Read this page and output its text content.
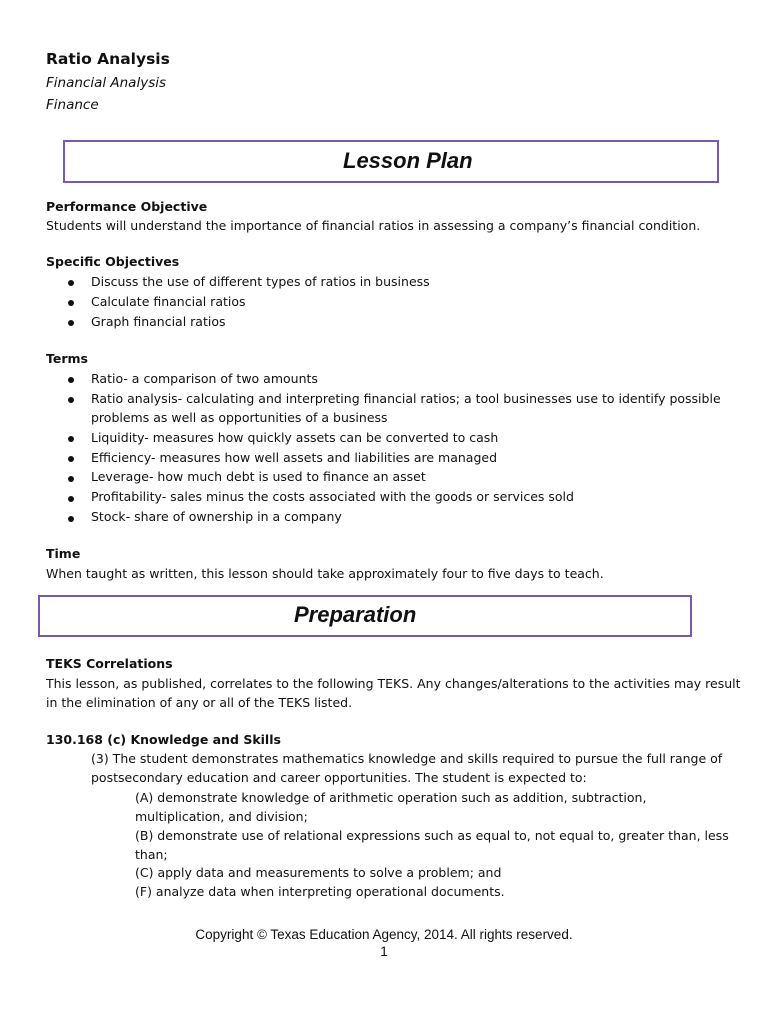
Ratio Analysis
Financial Analysis
Finance
Lesson Plan
Performance Objective
Students will understand the importance of financial ratios in assessing a company’s financial condition.
Specific Objectives
Discuss the use of different types of ratios in business
Calculate financial ratios
Graph financial ratios
Terms
Ratio- a comparison of two amounts
Ratio analysis- calculating and interpreting financial ratios; a tool businesses use to identify possible
problems as well as opportunities of a business
Liquidity- measures how quickly assets can be converted to cash
Efficiency- measures how well assets and liabilities are managed
Leverage- how much debt is used to finance an asset
Profitability- sales minus the costs associated with the goods or services sold
Stock- share of ownership in a company
Time
When taught as written, this lesson should take approximately four to five days to teach.
Preparation
TEKS Correlations
This lesson, as published, correlates to the following TEKS. Any changes/alterations to the activities may result
in the elimination of any or all of the TEKS listed.
130.168 (c) Knowledge and Skills
(3) The student demonstrates mathematics knowledge and skills required to pursue the full range of
postsecondary education and career opportunities. The student is expected to:
(A) demonstrate knowledge of arithmetic operation such as addition, subtraction,
multiplication, and division;
(B) demonstrate use of relational expressions such as equal to, not equal to, greater than, less
than;
(C) apply data and measurements to solve a problem; and
(F) analyze data when interpreting operational documents.
Copyright © Texas Education Agency, 2014. All rights reserved.
1
